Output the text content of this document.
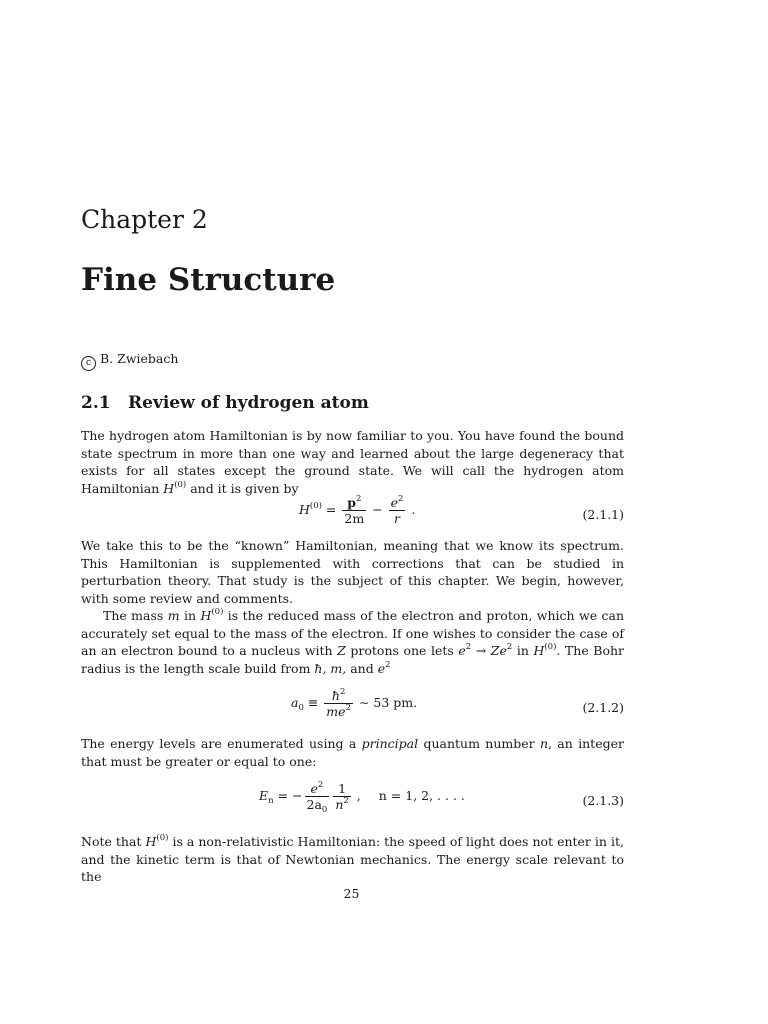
Chapter 2
Fine Structure
c B. Zwiebach
2.1 Review of hydrogen atom
The hydrogen atom Hamiltonian is by now familiar to you. You have found the bound state spectrum in more than one way and learned about the large degeneracy that exists for all states except the ground state. We will call the hydrogen atom Hamiltonian $H^{(0)}$ and it is given by
$H^{(0)} = \frac{p^2}{2m} - \frac{e^2}{r}$ .	(2.1.1)
We take this to be the “known” Hamiltonian, meaning that we know its spectrum. This Hamiltonian is supplemented with corrections that can be studied in perturbation theory. That study is the subject of this chapter. We begin, however, with some review and comments.
The mass m in $H^{(0)}$ is the reduced mass of the electron and proton, which we can accurately set equal to the mass of the electron. If one wishes to consider the case of an an electron bound to a nucleus with Z protons one lets $e^2 \to Ze^2$ in $H^{(0)}$. The Bohr radius is the length scale build from ħ, m, and $e^2$
$a_0 \equiv \frac{ħ^2}{me^2}$ ∼ 53 pm.	(2.1.2)
The energy levels are enumerated using a principal quantum number n, an integer that must be greater or equal to one:
$E_n$ = − $\frac{e^2}{2a_0} \frac{1}{n^2}$ , n = 1, 2, . . . .	(2.1.3)
Note that $H^{(0)}$ is a non-relativistic Hamiltonian: the speed of light does not enter in it, and the kinetic term is that of Newtonian mechanics. The energy scale relevant to the
25
